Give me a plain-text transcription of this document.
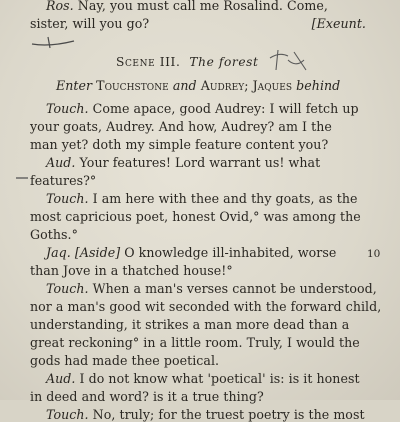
Ros. Nay, you must call me Rosalind. Come,
sister, will you go?	[Exeunt.
Scene III. The forest
Enter Touchstone and Audrey; Jaques behind
Touch. Come apace, good Audrey: I will fetch up
your goats, Audrey. And how, Audrey? am I the
man yet? doth my simple feature content you?
Aud. Your features! Lord warrant us! what
features?°
Touch. I am here with thee and thy goats, as the
most capricious poet, honest Ovid,° was among the
Goths.°
Jaq. [Aside] O knowledge ill-inhabited, worse	10
than Jove in a thatched house!°
Touch. When a man's verses cannot be understood,
nor a man's good wit seconded with the forward child,
understanding, it strikes a man more dead than a
great reckoning° in a little room. Truly, I would the
gods had made thee poetical.
Aud. I do not know what 'poetical' is: is it honest
in deed and word? is it a true thing?
Touch. No, truly; for the truest poetry is the most
